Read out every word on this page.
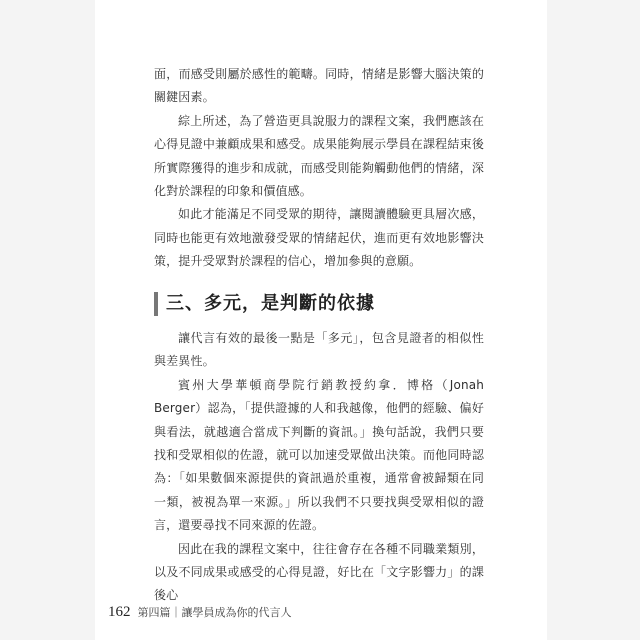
面，而感受則屬於感性的範疇。同時，情緒是影響大腦決策的關鍵因素。

綜上所述，為了營造更具說服力的課程文案，我們應該在心得見證中兼顧成果和感受。成果能夠展示學員在課程結束後所實際獲得的進步和成就，而感受則能夠觸動他們的情緒，深化對於課程的印象和價值感。

如此才能滿足不同受眾的期待，讓閱讀體驗更具層次感，同時也能更有效地激發受眾的情緒起伏，進而更有效地影響決策，提升受眾對於課程的信心，增加參與的意願。

三、多元，是判斷的依據

讓代言有效的最後一點是「多元」，包含見證者的相似性與差異性。

賓州大學華頓商學院行銷教授約拿．博格（Jonah Berger）認為，「提供證據的人和我越像，他們的經驗、偏好與看法，就越適合當成下判斷的資訊。」換句話說，我們只要找和受眾相似的佐證，就可以加速受眾做出決策。而他同時認為：「如果數個來源提供的資訊過於重複，通常會被歸類在同一類，被視為單一來源。」所以我們不只要找與受眾相似的證言，還要尋找不同來源的佐證。

因此在我的課程文案中，往往會存在各種不同職業類別，以及不同成果或感受的心得見證，好比在「文字影響力」的課後心

162 第四篇｜讓學員成為你的代言人
